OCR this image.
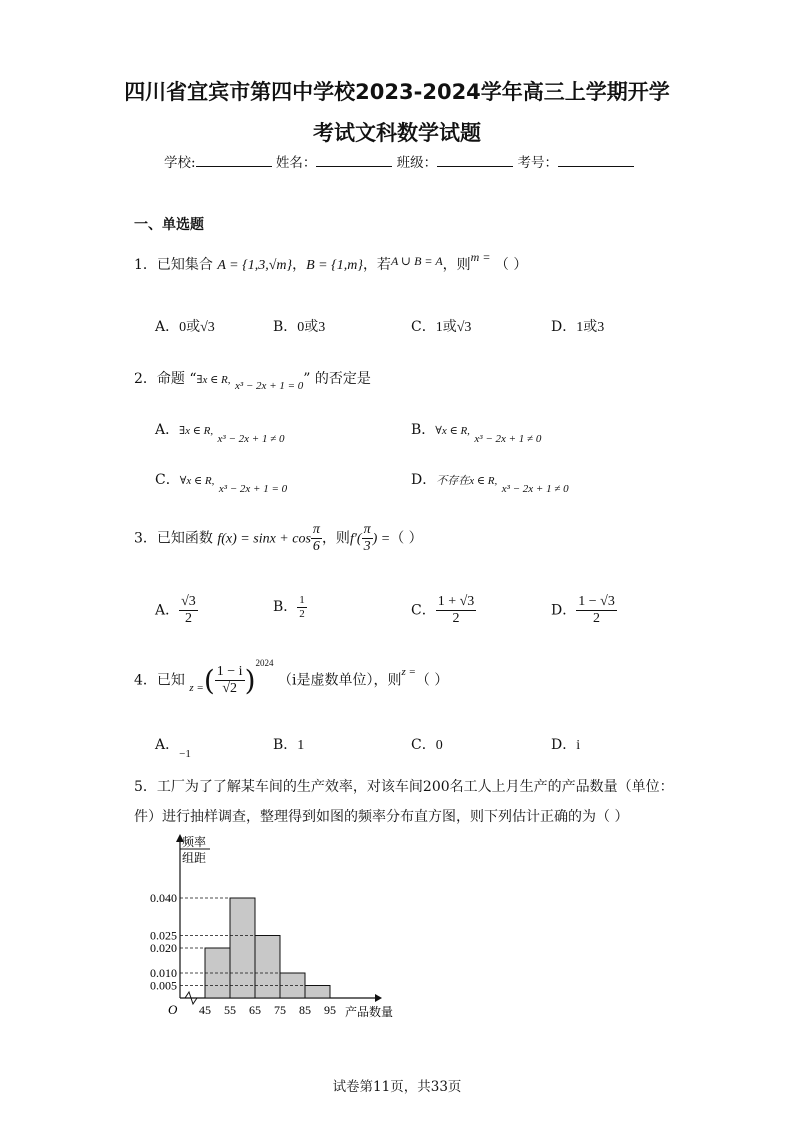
四川省宜宾市第四中学校2023-2024学年高三上学期开学
考试文科数学试题
学校:	姓名：	班级：	考号：
一、单选题
1．已知集合 A = {1,3,√m}，B = {1,m}，若A ∪ B = A，则m = （ ）
A．0或√3	B．0或3	C．1或√3	D．1或3
2．命题 “∃x ∈ R, $_{x^3 - 2x + 1 = 0}$” 的否定是
A．∃x ∈ R, $_{x^3 - 2x + 1 \ne 0}$
B．∀x ∈ R, $_{x^3 - 2x + 1 \ne 0}$
C．∀x ∈ R, $_{x^3 - 2x + 1 = 0}$
D．不存在x ∈ R, $_{x^3 - 2x + 1 \ne 0}$
3．已知函数 $f(x) = \sin x + \cos \frac{\pi}{6}$ ，则$f'( \frac{\pi}{3}$ ) =（ ）
A． $\frac{√3}{2}$	B． $\frac{1}{2}$	C． $\frac{1 + √3}{2}$	D． $\frac{1 - √3}{2}$
4．已知 $_{z =}( \frac{1 - i}{√2} )^{2024}$ （i是虚数单位），则$^{z =}$（ ）
A．$_{-1}$
B．1	C．0	D．i
5．工厂为了了解某车间的生产效率，对该车间200名工人上月生产的产品数量（单位：
件）进行抽样调查，整理得到如图的频率分布直方图，则下列估计正确的为（ ）
频率
组距
产品数量
O
0.040
0.025
0.020
0.010
0.005
45 55 65 75 85 95
试卷第11页，共33页
